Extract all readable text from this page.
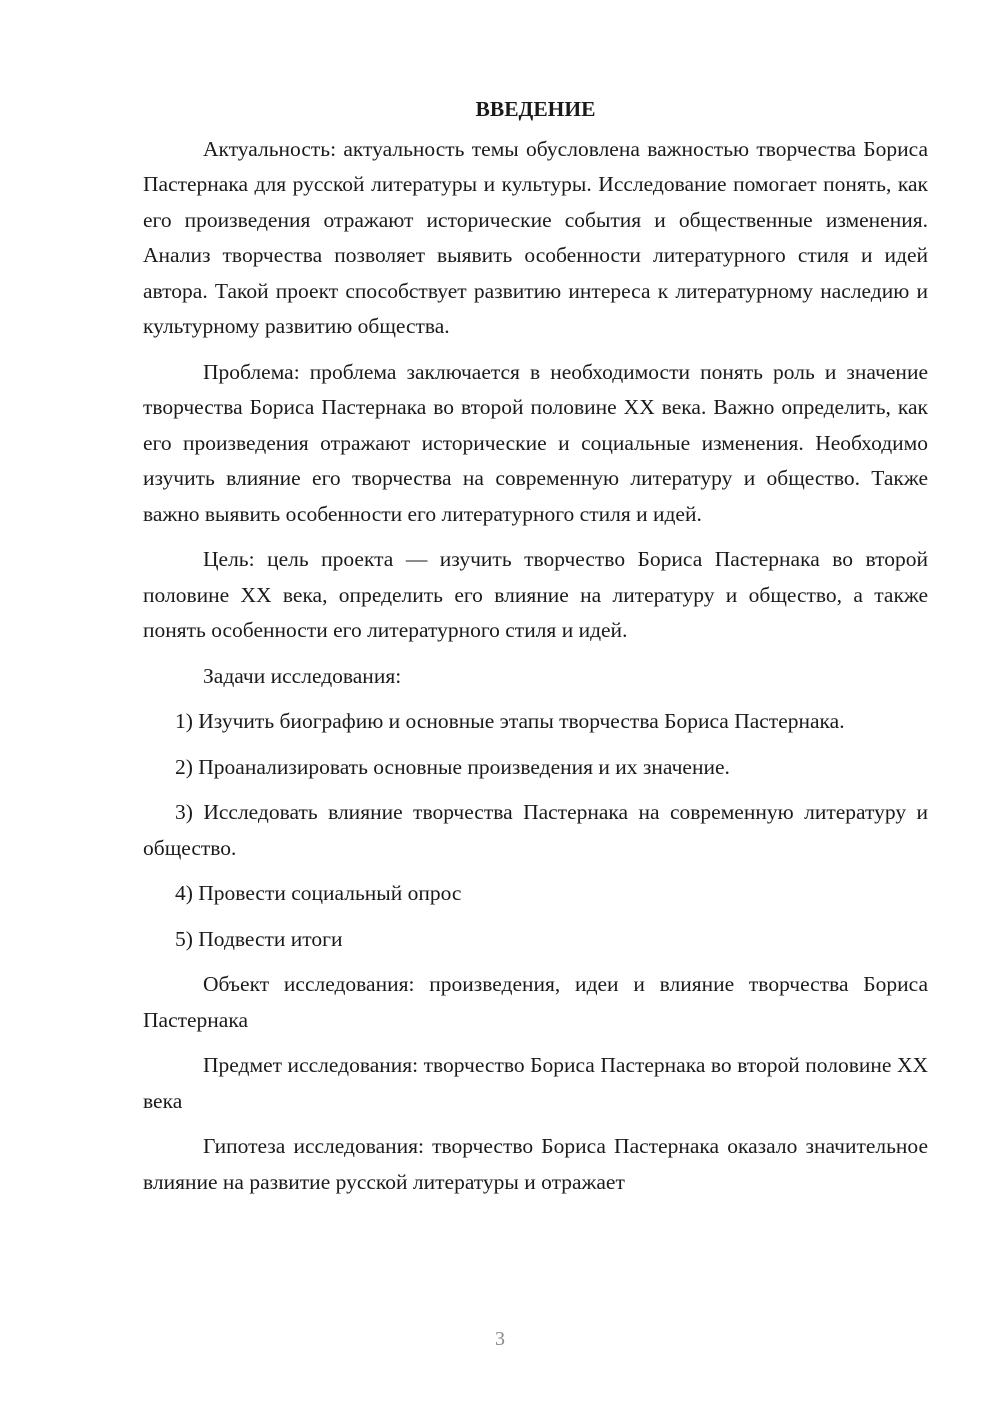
ВВЕДЕНИЕ

Актуальность: актуальность темы обусловлена важностью творчества Бориса Пастернака для русской литературы и культуры. Исследование помогает понять, как его произведения отражают исторические события и общественные изменения. Анализ творчества позволяет выявить особенности литературного стиля и идей автора. Такой проект способствует развитию интереса к литературному наследию и культурному развитию общества.

Проблема: проблема заключается в необходимости понять роль и значение творчества Бориса Пастернака во второй половине XX века. Важно определить, как его произведения отражают исторические и социальные изменения. Необходимо изучить влияние его творчества на современную литературу и общество. Также важно выявить особенности его литературного стиля и идей.

Цель: цель проекта — изучить творчество Бориса Пастернака во второй половине XX века, определить его влияние на литературу и общество, а также понять особенности его литературного стиля и идей.

Задачи исследования:

1) Изучить биографию и основные этапы творчества Бориса Пастернака.

2) Проанализировать основные произведения и их значение.

3) Исследовать влияние творчества Пастернака на современную литературу и общество.

4) Провести социальный опрос

5) Подвести итоги

Объект исследования: произведения, идеи и влияние творчества Бориса Пастернака

Предмет исследования: творчество Бориса Пастернака во второй половине XX века

Гипотеза исследования: творчество Бориса Пастернака оказало значительное влияние на развитие русской литературы и отражает

3
